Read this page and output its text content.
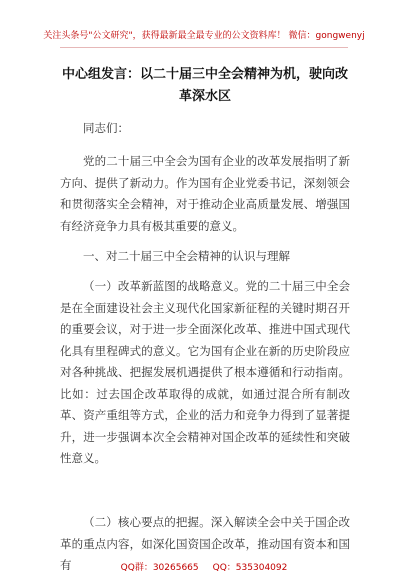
关注头条号"公文研究"，获得最新最全最专业的公文资料库！ 微信：gongwenyj
中心组发言：以二十届三中全会精神为机，驶向改革深水区

同志们：

党的二十届三中全会为国有企业的改革发展指明了新方向、提供了新动力。作为国有企业党委书记，深刻领会和贯彻落实全会精神，对于推动企业高质量发展、增强国有经济竞争力具有极其重要的意义。

一、对二十届三中全会精神的认识与理解

（一）改革新蓝图的战略意义。党的二十届三中全会是在全面建设社会主义现代化国家新征程的关键时期召开的重要会议，对于进一步全面深化改革、推进中国式现代化具有里程碑式的意义。它为国有企业在新的历史阶段应对各种挑战、把握发展机遇提供了根本遵循和行动指南。比如：过去国企改革取得的成就，如通过混合所有制改革、资产重组等方式，企业的活力和竞争力得到了显著提升，进一步强调本次全会精神对国企改革的延续性和突破性意义。

（二）核心要点的把握。深入解读全会中关于国企改革的重点内容，如深化国资国企改革，推动国有资本和国有	QQ群：30265665 QQ：535304092
